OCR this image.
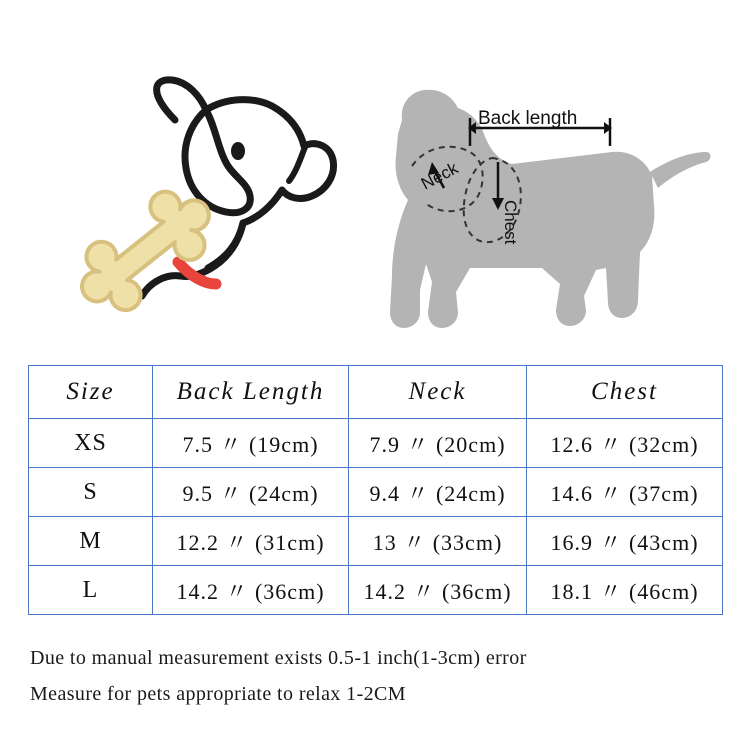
Back length
Neck
Chest
Size	Back Length	Neck	Chest
XS	7.5 〃 (19cm)	7.9 〃 (20cm)	12.6 〃 (32cm)
S	9.5 〃 (24cm)	9.4 〃 (24cm)	14.6 〃 (37cm)
M	12.2 〃 (31cm)	13 〃 (33cm)	16.9 〃 (43cm)
L	14.2 〃 (36cm)	14.2 〃 (36cm)	18.1 〃 (46cm)
Due to manual measurement exists 0.5-1 inch(1-3cm) error
Measure for pets appropriate to relax 1-2CM
